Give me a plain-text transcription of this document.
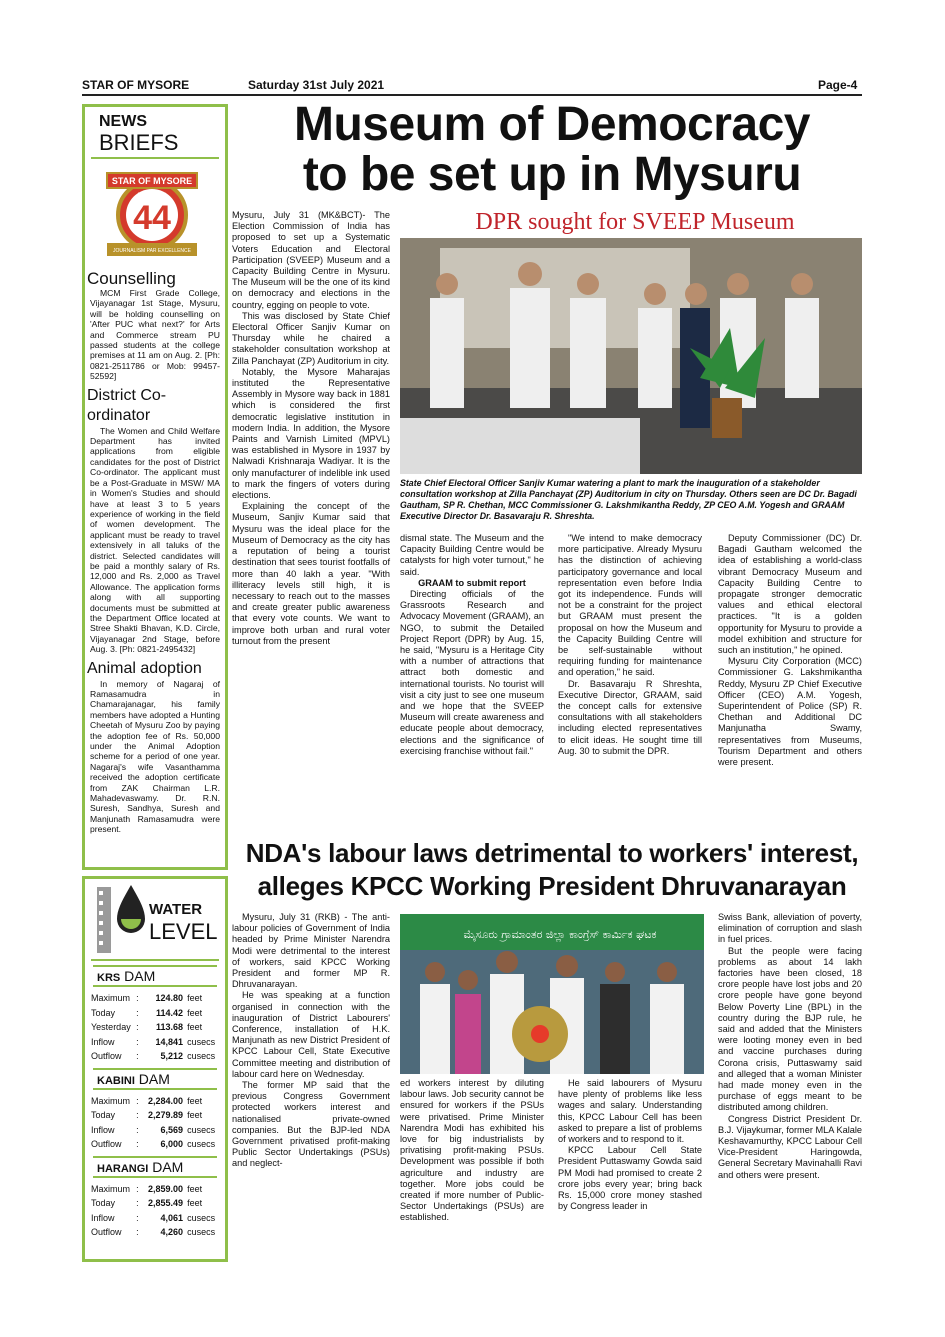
STAR OF MYSORE	Saturday 31st July 2021	Page-4
NEWS
BRIEFS
STAR OF MYSORE
Estd. 1978
44
JOURNALISM PAR EXCELLENCE
Counselling

MCM First Grade College, Vijayanagar 1st Stage, Mysuru, will be holding counselling on 'After PUC what next?' for Arts and Commerce stream PU passed students at the college premises at 11 am on Aug. 2. [Ph: 0821-2511786 or Mob: 99457-52592]

District Co-ordinator

The Women and Child Welfare Department has invited applications from eligible candidates for the post of District Co-ordinator. The applicant must be a Post-Graduate in MSW/ MA in Women's Studies and should have at least 3 to 5 years experience of working in the field of women development. The applicant must be ready to travel extensively in all taluks of the district. Selected candidates will be paid a monthly salary of Rs. 12,000 and Rs. 2,000 as Travel Allowance. The application forms along with all supporting documents must be submitted at the Department Office located at Stree Shakti Bhavan, K.D. Circle, Vijayanagar 2nd Stage, before Aug. 3. [Ph: 0821-2495432]

Animal adoption

In memory of Nagaraj of Ramasamudra in Chamarajanagar, his family members have adopted a Hunting Cheetah of Mysuru Zoo by paying the adoption fee of Rs. 50,000 under the Animal Adoption scheme for a period of one year. Nagaraj's wife Vasanthamma received the adoption certificate from ZAK Chairman L.R. Mahadevaswamy. Dr. R.N. Suresh, Sandhya, Suresh and Manjunath Ramasamudra were present.

WATER
LEVEL
KRS DAM
Maximum :	124.80 feet
Today	:	114.42 feet
Yesterday :	113.68 feet
Inflow	:	14,841 cusecs
Outflow	:	5,212 cusecs
KABINI DAM
Maximum :	2,284.00 feet
Today	:	2,279.89 feet
Inflow	:	6,569 cusecs
Outflow	:	6,000 cusecs
HARANGI DAM
Maximum :	2,859.00 feet
Today	:	2,855.49 feet
Inflow	:	4,061 cusecs
Outflow	:	4,260 cusecs
Museum of Democracy
to be set up in Mysuru
DPR sought for SVEEP Museum

Mysuru, July 31 (MK&BCT)- The Election Commission of India has proposed to set up a Systematic Voters Education and Electoral Participation (SVEEP) Museum and a Capacity Building Centre in Mysuru. The Museum will be the one of its kind on democracy and elections in the country, egging on people to vote.

This was disclosed by State Chief Electoral Officer Sanjiv Kumar on Thursday while he chaired a stakeholder consultation workshop at Zilla Panchayat (ZP) Auditorium in city.

Notably, the Mysore Maharajas instituted the Representative Assembly in Mysore way back in 1881 which is considered the first democratic legislative institution in modern India. In addition, the Mysore Paints and Varnish Limited (MPVL) was established in Mysore in 1937 by Nalwadi Krishnaraja Wadiyar. It is the only manufacturer of indelible ink used to mark the fingers of voters during elections.

Explaining the concept of the Museum, Sanjiv Kumar said that Mysuru was the ideal place for the Museum of Democracy as the city has a reputation of being a tourist destination that sees tourist footfalls of more than 40 lakh a year. "With illiteracy levels still high, it is necessary to reach out to the masses and create greater public awareness that every vote counts. We want to improve both urban and rural voter turnout from the present

State Chief Electoral Officer Sanjiv Kumar watering a plant to mark the inauguration of a stakeholder consultation workshop at Zilla Panchayat (ZP) Auditorium in city on Thursday. Others seen are DC Dr. Bagadi Gautham, SP R. Chethan, MCC Commissioner G. Lakshmikantha Reddy, ZP CEO A.M. Yogesh and GRAAM Executive Director Dr. Basavaraju R. Shreshta.

dismal state. The Museum and the Capacity Building Centre would be catalysts for high voter turnout," he said.

GRAAM to submit report

Directing officials of the Grassroots Research and Advocacy Movement (GRAAM), an NGO, to submit the Detailed Project Report (DPR) by Aug. 15, he said, "Mysuru is a Heritage City with a number of attractions that attract both domestic and international tourists. No tourist will visit a city just to see one museum and we hope that the SVEEP Museum will create awareness and educate people about democracy, elections and the significance of exercising franchise without fail."

"We intend to make democracy more participative. Already Mysuru has the distinction of achieving participatory governance and local representation even before India got its independence. Funds will not be a constraint for the project but GRAAM must present the proposal on how the Museum and the Capacity Building Centre will be self-sustainable without requiring funding for maintenance and operation," he said.

Dr. Basavaraju R Shreshta, Executive Director, GRAAM, said the concept calls for extensive consultations with all stakeholders including elected representatives to elicit ideas. He sought time till Aug. 30 to submit the DPR.

Deputy Commissioner (DC) Dr. Bagadi Gautham welcomed the idea of establishing a world-class vibrant Democracy Museum and Capacity Building Centre to propagate stronger democratic values and ethical electoral practices. "It is a golden opportunity for Mysuru to provide a model exhibition and structure for such an institution," he opined.

Mysuru City Corporation (MCC) Commissioner G. Lakshmikantha Reddy, Mysuru ZP Chief Executive Officer (CEO) A.M. Yogesh, Superintendent of Police (SP) R. Chethan and Additional DC Manjunatha Swamy, representatives from Museums, Tourism Department and others were present.

NDA's labour laws detrimental to workers' interest,
alleges KPCC Working President Dhruvanarayan

Mysuru, July 31 (RKB) - The anti-labour policies of Government of India headed by Prime Minister Narendra Modi were detrimental to the interest of workers, said KPCC Working President and former MP R. Dhruvanarayan.

He was speaking at a function organised in connection with the inauguration of District Labourers' Conference, installation of H.K. Manjunath as new District President of KPCC Labour Cell, State Executive Committee meeting and distribution of labour card here on Wednesday.

The former MP said that the previous Congress Government protected workers interest and nationalised private-owned companies. But the BJP-led NDA Government privatised profit-making Public Sector Undertakings (PSUs) and neglect-

ಮೈಸೂರು ಗ್ರಾಮಾಂತರ ಜಿಲ್ಲಾ ಕಾಂಗ್ರೆಸ್ ಕಾರ್ಮಿಕ ಘಟಕ

ed workers interest by diluting labour laws. Job security cannot be ensured for workers if the PSUs were privatised. Prime Minister Narendra Modi has exhibited his love for big industrialists by privatising profit-making PSUs. Development was possible if both agriculture and industry are together. More jobs could be created if more number of Public-Sector Undertakings (PSUs) are established.

He said labourers of Mysuru have plenty of problems like less wages and salary. Understanding this, KPCC Labour Cell has been asked to prepare a list of problems of workers and to respond to it.

KPCC Labour Cell State President Puttaswamy Gowda said PM Modi had promised to create 2 crore jobs every year; bring back Rs. 15,000 crore money stashed by Congress leader in

Swiss Bank, alleviation of poverty, elimination of corruption and slash in fuel prices.

But the people were facing problems as about 14 lakh factories have been closed, 18 crore people have lost jobs and 20 crore people have gone beyond Below Poverty Line (BPL) in the country during the BJP rule, he said and added that the Ministers were looting money even in bed and vaccine purchases during Corona crisis, Puttaswamy said and alleged that a woman Minister had made money even in the purchase of eggs meant to be distributed among children.

Congress District President Dr. B.J. Vijaykumar, former MLA Kalale Keshavamurthy, KPCC Labour Cell Vice-President Haringowda, General Secretary Mavinahalli Ravi and others were present.
